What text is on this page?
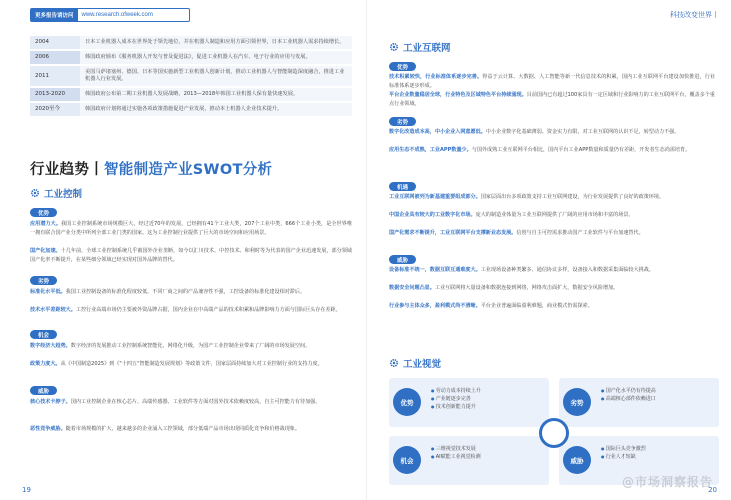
更多报告请访问	www.research.ofweek.com
2004	日本工业机器人成本在世界处于领先地位，并在机器人制造和应用方面引领世界，日本工业机器人需求持续增长。
2006	韩国政府颁布《服务机器人开发与普及促进法》，促进工业机器人在汽车、电子行业的应用与发展。
2011	美国马萨诸塞州、德国、日本等国实施新型工业机器人创新计划，推动工业机器人与智能制造深度融合，推进工业机器人行业发展。
2013-2020	韩国政府公布第二期工业机器人发展战略，2013—2018年韩国工业机器人保有量快速发展。
2020至今	韩国政府计划将通过实施各项政策措施促进产业发展，推动本土机器人企业技术提升。
行业趋势丨智能制造产业SWOT分析
工业控制
优势
应用潜力大。我国工业控制系统市场规模巨大，经过近70年的发展，已经拥有41个工业大类，207个工业中类，666个工业小类，是全世界唯一拥有联合国产业分类中所列全部工业门类的国家。这为工业控制行业提供了巨大的市场空间和应用场景。
国产化加速。十几年前，全球工业控制系统几乎被国外企业垄断，如今以汇川技术、中控技术、和利时等为代表的国产企业迅速发展，部分领域国产化率不断提升，在某些细分领域已经实现对国外品牌的替代。
劣势
标准化水平低。我国工业控制设备的标准化程度较低，不同厂商之间的产品兼容性不强，工控设备的标准化建设相对滞后。
技术水平差距较大。工控行业高端市场仍主要被外资品牌占据，国内企业在中高端产品的技术积累和品牌影响力方面与国际巨头存在差距。
机会
数字经济大趋势。数字经济的发展推动工业控制系统智能化、网络化升级，为国产工业控制企业带来了广阔的市场发展空间。
政策力度大。从《中国制造2025》到《"十四五"智能制造发展规划》等政策文件，国家层面持续加大对工业控制行业的支持力度。
威胁
核心技术卡脖子。国内工业控制企业在核心芯片、高端传感器、工业软件等方面对国外技术依赖度较高，自主可控能力有待加强。
恶性竞争威胁。随着市场规模的扩大，越来越多的企业涌入工控领域，部分低端产品市场出现同质化竞争和价格战现象。
19
科技改变世界丨
工业互联网
优势
技术积累较快，行业标准体系逐步完善。得益于云计算、大数据、人工智能等新一代信息技术的积累，国内工业互联网平台建设加快推进，行业标准体系逐步形成。
平台企业数量稳居全球，行业特色及区域特色平台持续涌现。目前国内已有超过100家具有一定区域和行业影响力的工业互联网平台，覆盖多个重点行业领域。
劣势
数字化改造成本高，中小企业入网意愿低。中小企业数字化基础薄弱、资金实力有限，对工业互联网的认识不足，转型动力不强。
应用生态不成熟，工业APP数量少。与国外成熟工业互联网平台相比，国内平台工业APP数量和质量仍有差距，开发者生态尚需培育。
机遇
工业互联网被列为新基建重要组成部分。国家层面出台多项政策支持工业互联网建设，为行业发展提供了良好的政策环境。
中国企业具有较大的工业数字化市场。庞大的制造业体量为工业互联网提供了广阔的应用市场和丰富的场景。
国产化需求不断提升，工业互联网平台支撑新业态发展。信创与自主可控需求推动国产工业软件与平台加速替代。
威胁
设备标准不统一，数据互联互通难度大。工业现场设备种类繁多、通信协议多样，设备接入和数据采集面临较大挑战。
数据安全问题凸显。工业互联网将大量设备和数据连接到网络，网络攻击面扩大，数据安全风险增加。
行业参与主体众多，盈利模式尚不清晰。平台企业普遍面临盈利难题，商业模式仍需探索。
工业视觉
优势
● 劳动力成本持续上升
● 产业链逐步完善
● 技术创新能力提升
劣势
● 国产化水平仍有待提高
● 高端核心部件依赖进口
机会
● 三维视觉技术发展
● AI赋能工业视觉检测	威胁
● 国际巨头竞争激烈
● 行业人才短缺
@市场洞察报告
20
